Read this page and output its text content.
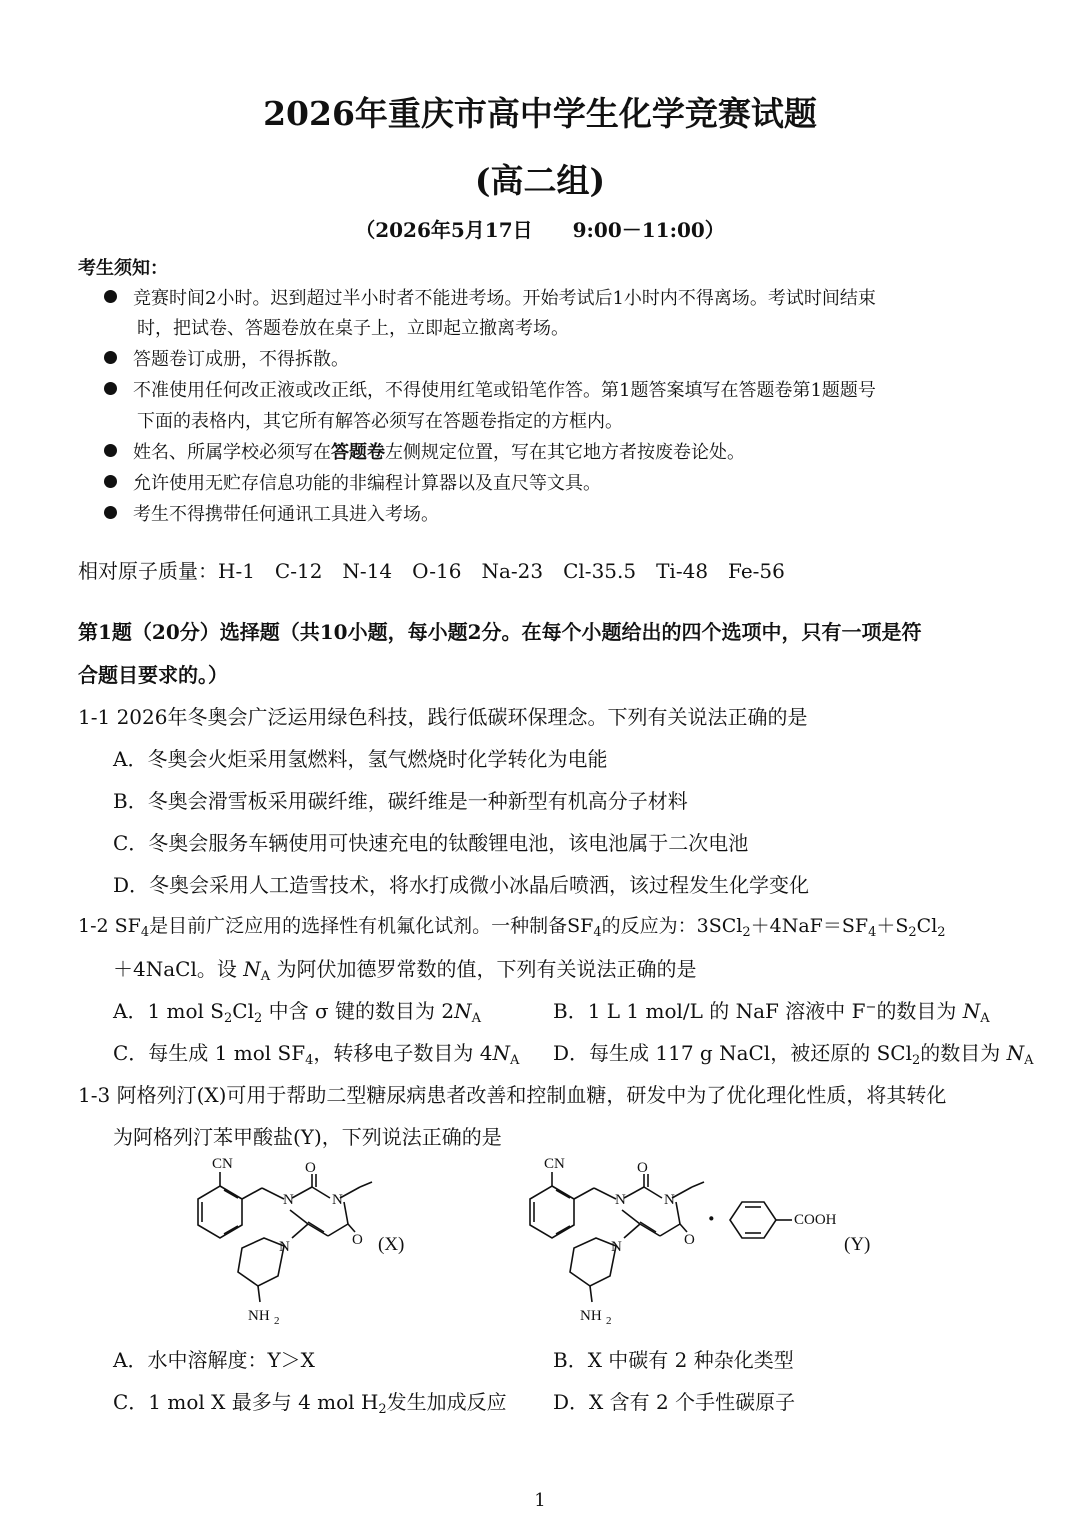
2026年重庆市高中学生化学竞赛试题
(高二组)
（2026年5月17日　　9:00－11:00）
考生须知：
竞赛时间2小时。迟到超过半小时者不能进考场。开始考试后1小时内不得离场。考试时间结束
时，把试卷、答题卷放在桌子上，立即起立撤离考场。
答题卷订成册，不得拆散。
不准使用任何改正液或改正纸，不得使用红笔或铅笔作答。第1题答案填写在答题卷第1题题号
下面的表格内，其它所有解答必须写在答题卷指定的方框内。
姓名、所属学校必须写在答题卷左侧规定位置，写在其它地方者按废卷论处。
允许使用无贮存信息功能的非编程计算器以及直尺等文具。
考生不得携带任何通讯工具进入考场。
相对原子质量：H-1　C-12　N-14　O-16　Na-23　Cl-35.5　Ti-48　Fe-56
第1题（20分）选择题（共10小题，每小题2分。在每个小题给出的四个选项中，只有一项是符
合题目要求的。）
1-1 2026年冬奥会广泛运用绿色科技，践行低碳环保理念。下列有关说法正确的是
A．冬奥会火炬采用氢燃料，氢气燃烧时化学转化为电能
B．冬奥会滑雪板采用碳纤维，碳纤维是一种新型有机高分子材料
C．冬奥会服务车辆使用可快速充电的钛酸锂电池，该电池属于二次电池
D．冬奥会采用人工造雪技术，将水打成微小冰晶后喷洒，该过程发生化学变化
1-2 $SF_4$是目前广泛应用的选择性有机氟化试剂。一种制备$SF_4$的反应为：$3SCl_2+4NaF=SF_4+S_2Cl_2$
＋4NaCl。设 $N_A$ 为阿伏加德罗常数的值，下列有关说法正确的是
A．1 mol $S_2Cl_2$ 中含 σ 键的数目为 $2N_A$	B．1 L 1 mol/L 的 NaF 溶液中 F−的数目为 $N_A$
C．每生成 1 mol $SF_4$，转移电子数目为 $4N_A$ D．每生成 117 g NaCl，被还原的 SCl$_2$的数目为 $N_A$
1-3 阿格列汀(X)可用于帮助二型糖尿病患者改善和控制血糖，研发中为了优化理化性质，将其转化
为阿格列汀苯甲酸盐(Y)，下列说法正确的是
CN	O
N	N
O
N
NH 2
(X)
CN	O
N	N
O
N
NH 2
·	COOH
(Y)
A．水中溶解度：Y＞X	B．X 中碳有 2 种杂化类型
C．1 mol X 最多与 4 mol $H_2$发生加成反应 D．X 含有 2 个手性碳原子
1
